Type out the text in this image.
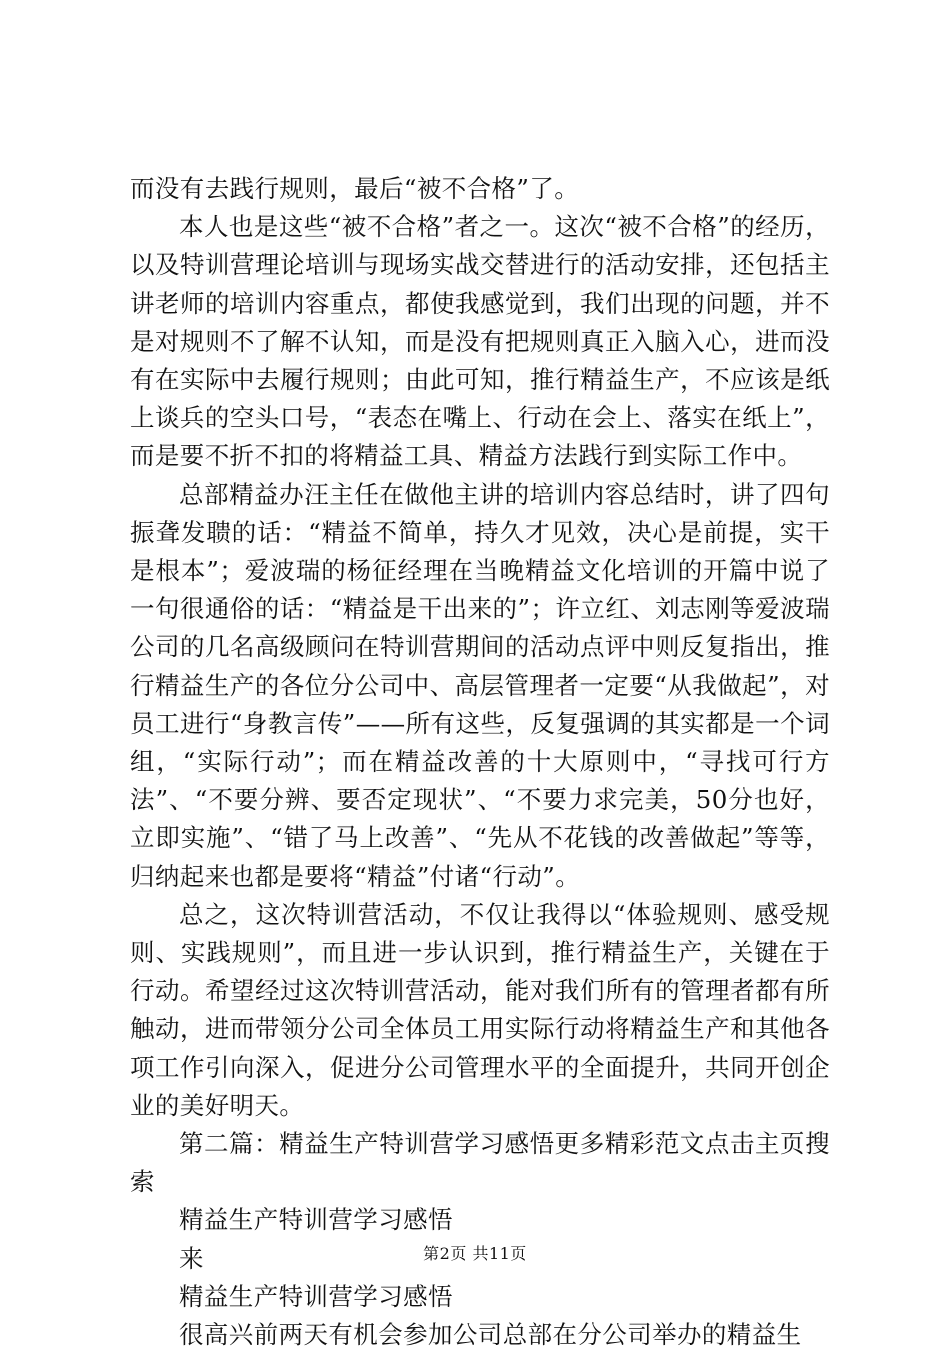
而没有去践行规则，最后“被不合格”了。

本人也是这些“被不合格”者之一。这次“被不合格”的经历，以及特训营理论培训与现场实战交替进行的活动安排，还包括主讲老师的培训内容重点，都使我感觉到，我们出现的问题，并不是对规则不了解不认知，而是没有把规则真正入脑入心，进而没有在实际中去履行规则；由此可知，推行精益生产，不应该是纸上谈兵的空头口号，“表态在嘴上、行动在会上、落实在纸上”，而是要不折不扣的将精益工具、精益方法践行到实际工作中。

总部精益办汪主任在做他主讲的培训内容总结时，讲了四句振聋发聩的话：“精益不简单，持久才见效，决心是前提，实干是根本”；爱波瑞的杨征经理在当晚精益文化培训的开篇中说了一句很通俗的话：“精益是干出来的”；许立红、刘志刚等爱波瑞公司的几名高级顾问在特训营期间的活动点评中则反复指出，推行精益生产的各位分公司中、高层管理者一定要“从我做起”，对员工进行“身教言传”——所有这些，反复强调的其实都是一个词组，“实际行动”；而在精益改善的十大原则中，“寻找可行方法”、“不要分辨、要否定现状”、“不要力求完美，50分也好，立即实施”、“错了马上改善”、“先从不花钱的改善做起”等等，归纳起来也都是要将“精益”付诸“行动”。

总之，这次特训营活动，不仅让我得以“体验规则、感受规则、实践规则”，而且进一步认识到，推行精益生产，关键在于行动。希望经过这次特训营活动，能对我们所有的管理者都有所触动，进而带领分公司全体员工用实际行动将精益生产和其他各项工作引向深入，促进分公司管理水平的全面提升，共同开创企业的美好明天。

第二篇：精益生产特训营学习感悟更多精彩范文点击主页搜索

精益生产特训营学习感悟

来

精益生产特训营学习感悟

很高兴前两天有机会参加公司总部在分公司举办的精益生

第2页 共11页
